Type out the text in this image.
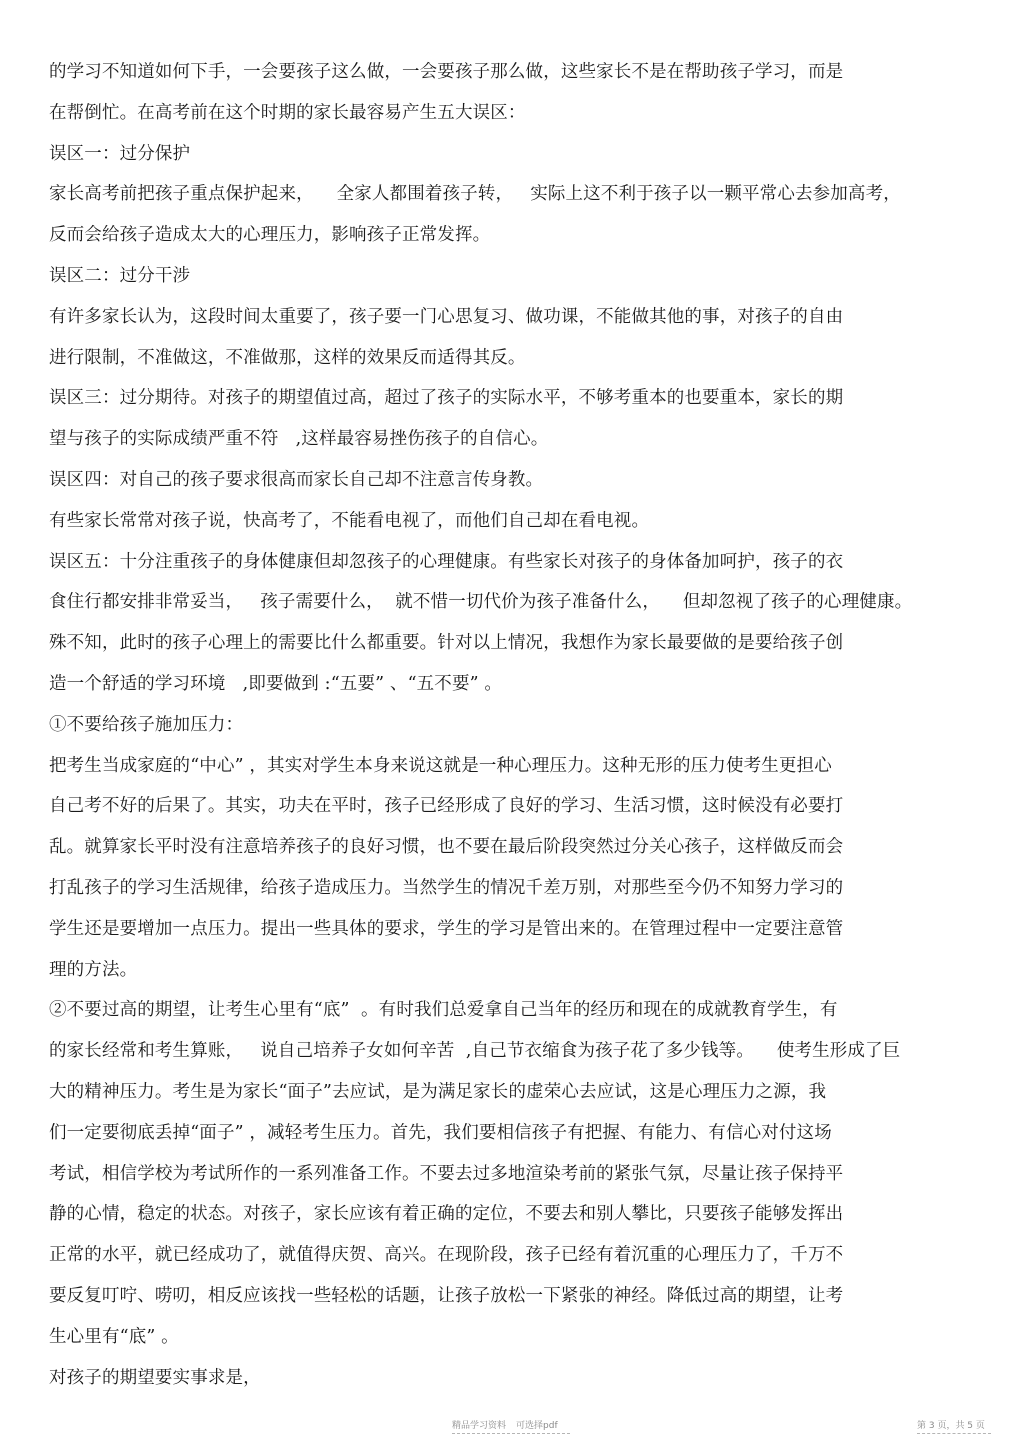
的学习不知道如何下手，一会要孩子这么做，一会要孩子那么做，这些家长不是在帮助孩子学习，而是
在帮倒忙。在高考前在这个时期的家长最容易产生五大误区：
误区一：过分保护
家长高考前把孩子重点保护起来，    全家人都围着孩子转，   实际上这不利于孩子以一颗平常心去参加高考，
反而会给孩子造成太大的心理压力，影响孩子正常发挥。
误区二：过分干涉
有许多家长认为，这段时间太重要了，孩子要一门心思复习、做功课，不能做其他的事，对孩子的自由
进行限制，不准做这，不准做那，这样的效果反而适得其反。
误区三：过分期待。对孩子的期望值过高，超过了孩子的实际水平，不够考重本的也要重本，家长的期
望与孩子的实际成绩严重不符   ,这样最容易挫伤孩子的自信心。
误区四：对自己的孩子要求很高而家长自己却不注意言传身教。
有些家长常常对孩子说，快高考了，不能看电视了，而他们自己却在看电视。
误区五：十分注重孩子的身体健康但却忽孩子的心理健康。有些家长对孩子的身体备加呵护，孩子的衣
食住行都安排非常妥当，   孩子需要什么，  就不惜一切代价为孩子准备什么，    但却忽视了孩子的心理健康。
殊不知，此时的孩子心理上的需要比什么都重要。针对以上情况，我想作为家长最要做的是要给孩子创
造一个舒适的学习环境   ,即要做到 :“五要” 、“五不要” 。
①不要给孩子施加压力：
把考生当成家庭的“中心” ，其实对学生本身来说这就是一种心理压力。这种无形的压力使考生更担心
自己考不好的后果了。其实，功夫在平时，孩子已经形成了良好的学习、生活习惯，这时候没有必要打
乱。就算家长平时没有注意培养孩子的良好习惯，也不要在最后阶段突然过分关心孩子，这样做反而会
打乱孩子的学习生活规律，给孩子造成压力。当然学生的情况千差万别，对那些至今仍不知努力学习的
学生还是要增加一点压力。提出一些具体的要求，学生的学习是管出来的。在管理过程中一定要注意管
理的方法。
②不要过高的期望，让考生心里有“底”  。有时我们总爱拿自己当年的经历和现在的成就教育学生，有
的家长经常和考生算账，   说自己培养子女如何辛苦  ,自己节衣缩食为孩子花了多少钱等。    使考生形成了巨
大的精神压力。考生是为家长“面子”去应试，是为满足家长的虚荣心去应试，这是心理压力之源，我
们一定要彻底丢掉“面子” ，减轻考生压力。首先，我们要相信孩子有把握、有能力、有信心对付这场
考试，相信学校为考试所作的一系列准备工作。不要去过多地渲染考前的紧张气氛，尽量让孩子保持平
静的心情，稳定的状态。对孩子，家长应该有着正确的定位，不要去和别人攀比，只要孩子能够发挥出
正常的水平，就已经成功了，就值得庆贺、高兴。在现阶段，孩子已经有着沉重的心理压力了，千万不
要反复叮咛、唠叨，相反应该找一些轻松的话题，让孩子放松一下紧张的神经。降低过高的期望，让考
生心里有“底” 。
对孩子的期望要实事求是，
精品学习资料 可选择pdf	第 3 页，共 5 页
